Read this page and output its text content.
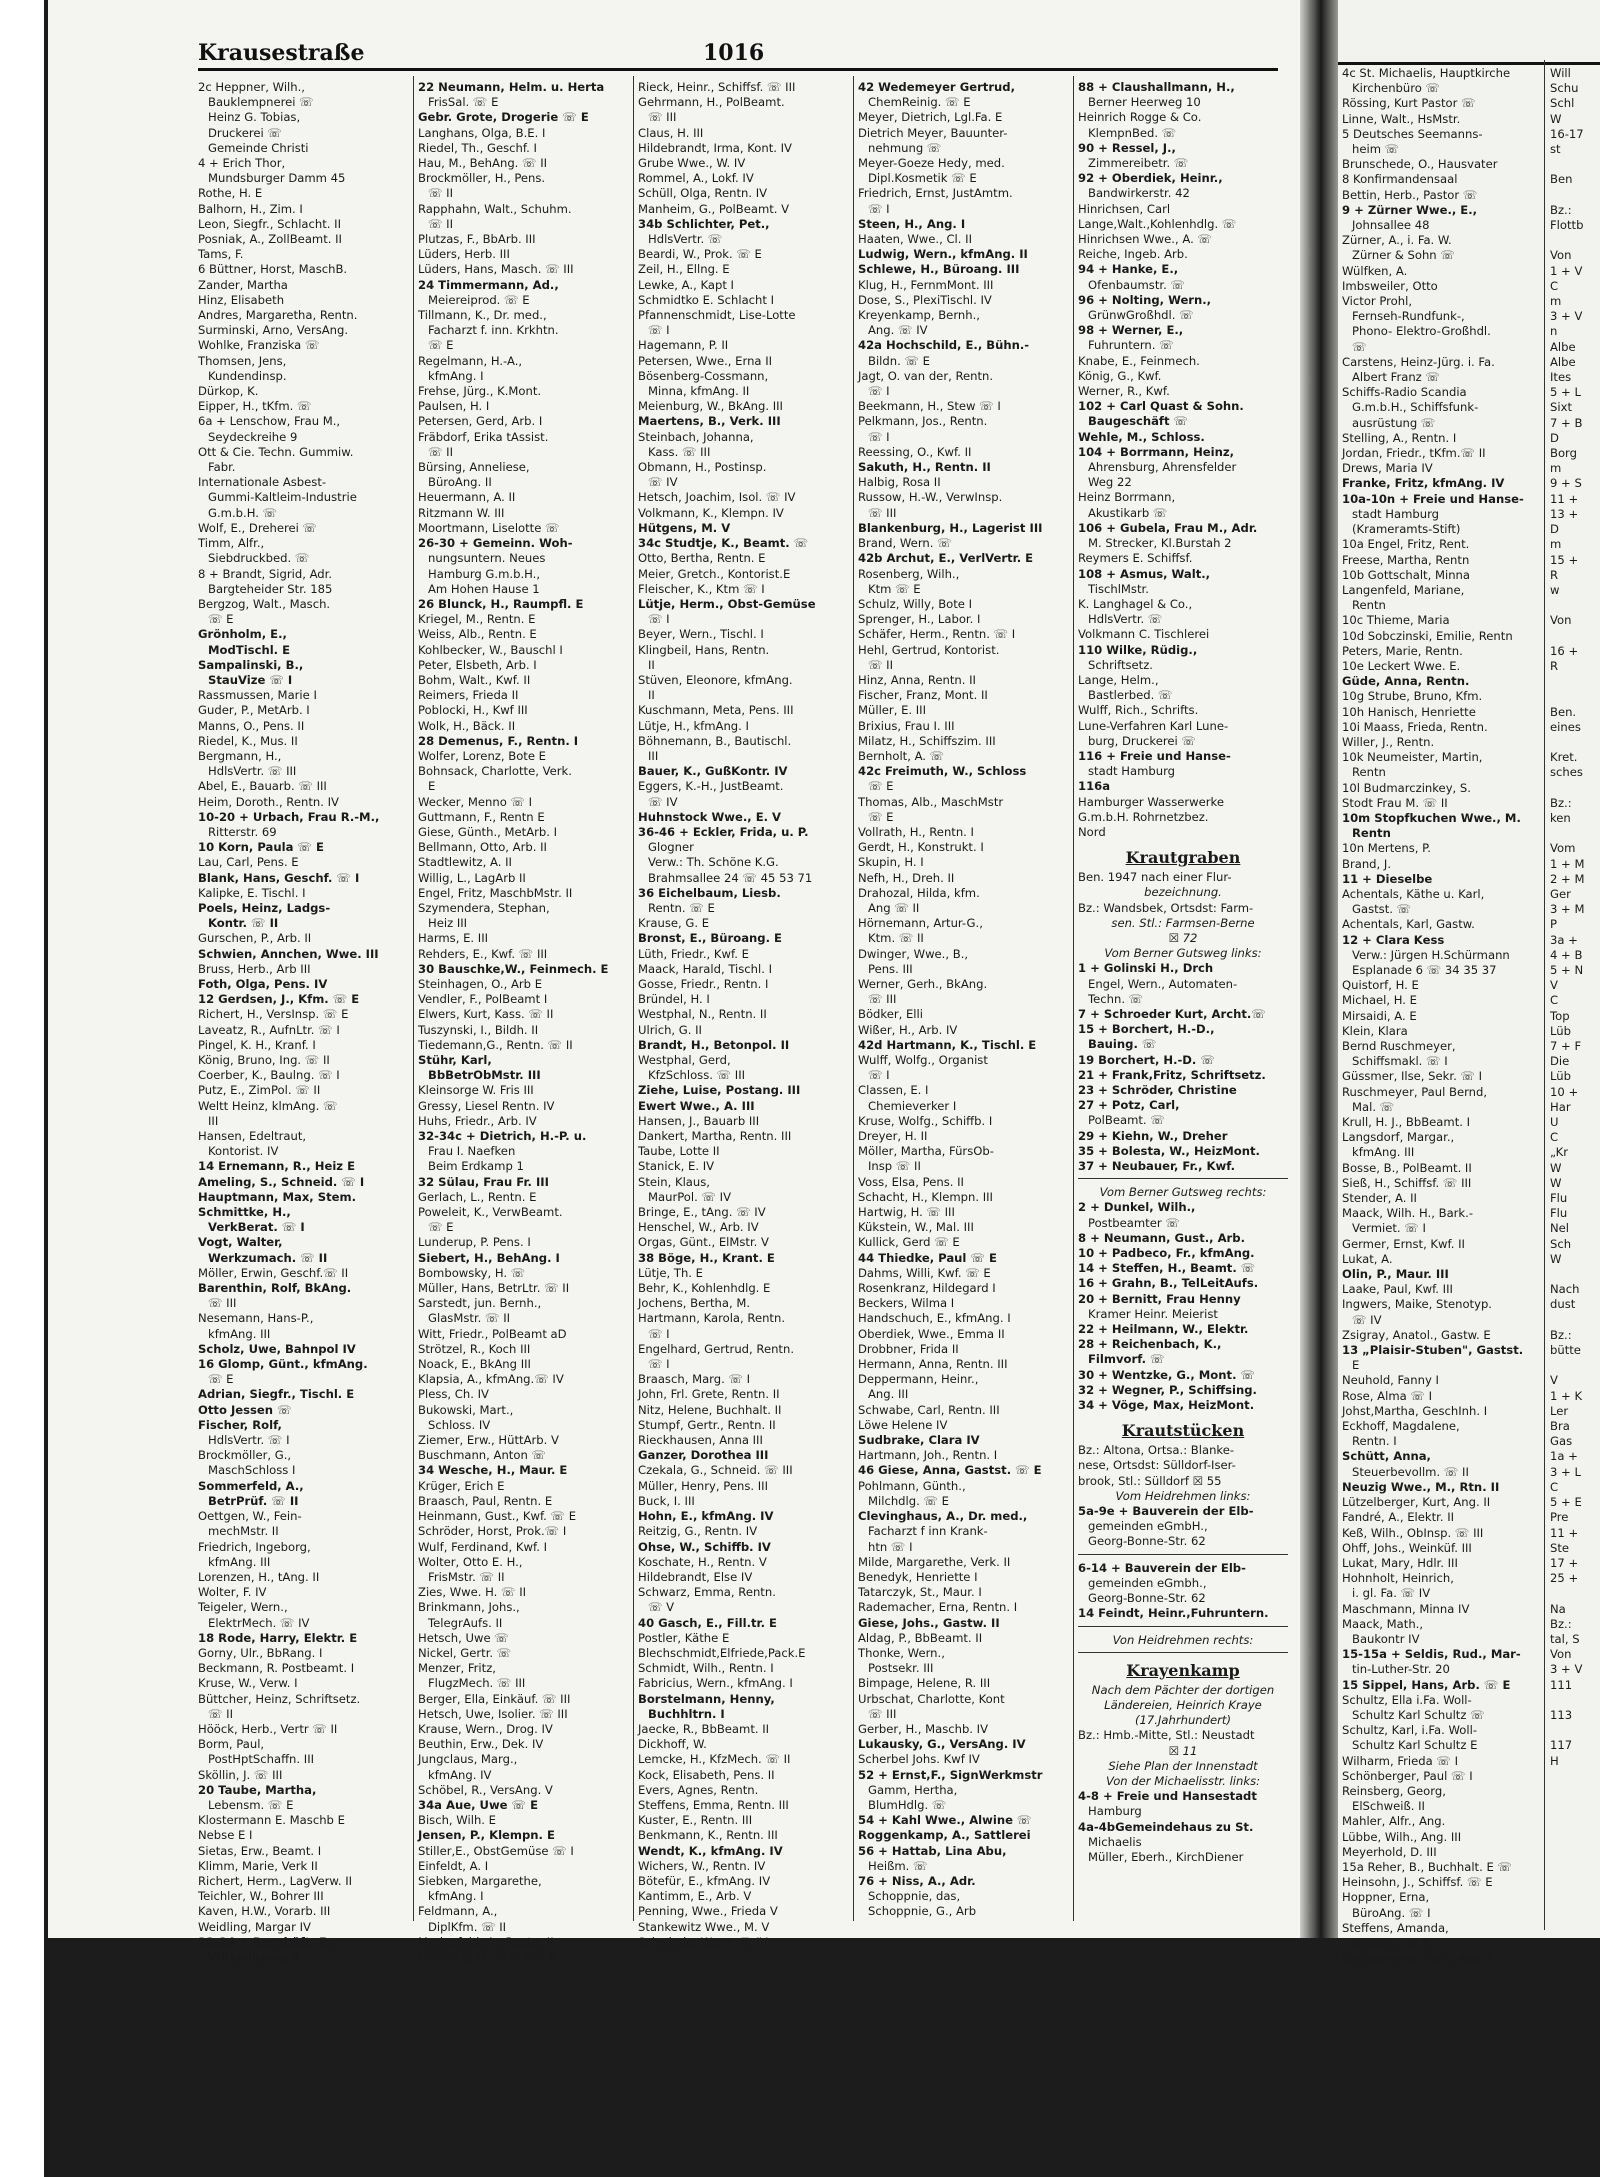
Krausestraße	1016
2c Heppner, Wilh.,
Bauklempnerei ☏
Heinz G. Tobias,
Druckerei ☏
Gemeinde Christi
4 + Erich Thor,
Mundsburger Damm 45
Rothe, H. E
Balhorn, H., Zim. I
Leon, Siegfr., Schlacht. II
Posniak, A., ZollBeamt. II
Tams, F.
6 Büttner, Horst, MaschB.
Zander, Martha
Hinz, Elisabeth
Andres, Margaretha, Rentn.
Surminski, Arno, VersAng.
Wohlke, Franziska ☏
Thomsen, Jens,
Kundendinsp.
Dürkop, K.
Eipper, H., tKfm. ☏
6a + Lenschow, Frau M.,
Seydeckreihe 9
Ott & Cie. Techn. Gummiw.
Fabr.
Internationale Asbest-
Gummi-Kaltleim-Industrie
G.m.b.H. ☏
Wolf, E., Dreherei ☏
Timm, Alfr.,
Siebdruckbed. ☏
8 + Brandt, Sigrid, Adr.
Bargteheider Str. 185
Bergzog, Walt., Masch.
☏ E
Grönholm, E.,
ModTischl. E
Sampalinski, B.,
StauVize ☏ I
Rassmussen, Marie I
Guder, P., MetArb. I
Manns, O., Pens. II
Riedel, K., Mus. II
Bergmann, H.,
HdlsVertr. ☏ III
Abel, E., Bauarb. ☏ III
Heim, Doroth., Rentn. IV
10-20 + Urbach, Frau R.-M.,
Ritterstr. 69
10 Korn, Paula ☏ E
Lau, Carl, Pens. E
Blank, Hans, Geschf. ☏ I
Kalipke, E. Tischl. I
Poels, Heinz, Ladgs-
Kontr. ☏ II
Gurschen, P., Arb. II
Schwien, Annchen, Wwe. III
Bruss, Herb., Arb III
Foth, Olga, Pens. IV
12 Gerdsen, J., Kfm. ☏ E
Richert, H., VersInsp. ☏ E
Laveatz, R., AufnLtr. ☏ I
Pingel, K. H., Kranf. I
König, Bruno, Ing. ☏ II
Coerber, K., Baulng. ☏ I
Putz, E., ZimPol. ☏ II
Weltt Heinz, klmAng. ☏
III
Hansen, Edeltraut,
Kontorist. IV
14 Ernemann, R., Heiz E
Ameling, S., Schneid. ☏ I
Hauptmann, Max, Stem.
Schmittke, H.,
VerkBerat. ☏ I
Vogt, Walter,
Werkzumach. ☏ II
Möller, Erwin, Geschf.☏ II
Barenthin, Rolf, BkAng.
☏ III
Nesemann, Hans-P.,
kfmAng. III
Scholz, Uwe, Bahnpol IV
16 Glomp, Günt., kfmAng.
☏ E
Adrian, Siegfr., Tischl. E
Otto Jessen ☏
Fischer, Rolf,
HdlsVertr. ☏ I
Brockmöller, G.,
MaschSchloss I
Sommerfeld, A.,
BetrPrüf. ☏ II
Oettgen, W., Fein-
mechMstr. II
Friedrich, Ingeborg,
kfmAng. III
Lorenzen, H., tAng. II
Wolter, F. IV
Teigeler, Wern.,
ElektrMech. ☏ IV
18 Rode, Harry, Elektr. E
Gorny, Ulr., BbRang. I
Beckmann, R. Postbeamt. I
Kruse, W., Verw. I
Büttcher, Heinz, Schriftsetz.
☏ II
Hööck, Herb., Vertr ☏ II
Borm, Paul,
PostHptSchaffn. III
Sköllin, J. ☏ III
20 Taube, Martha,
Lebensm. ☏ E
Klostermann E. Maschb E
Nebse E I
Sietas, Erw., Beamt. I
Klimm, Marie, Verk II
Richert, Herm., LagVerw. II
Teichler, W., Bohrer III
Kaven, H.W., Vorarb. III
Weidling, Margar IV
22-24 + Bornhöft, F.,
Wittenkamp 7
22 Neumann, Helm. u. Herta
FrisSal. ☏ E
Gebr. Grote, Drogerie ☏ E
Langhans, Olga, B.E. I
Riedel, Th., Geschf. I
Hau, M., BehAng. ☏ II
Brockmöller, H., Pens.
☏ II
Rapphahn, Walt., Schuhm.
☏ II
Plutzas, F., BbArb. III
Lüders, Herb. III
Lüders, Hans, Masch. ☏ III
24 Timmermann, Ad.,
Meiereiprod. ☏ E
Tillmann, K., Dr. med.,
Facharzt f. inn. Krkhtn.
☏ E
Regelmann, H.-A.,
kfmAng. I
Frehse, Jürg., K.Mont.
Paulsen, H. I
Petersen, Gerd, Arb. I
Fräbdorf, Erika tAssist.
☏ II
Bürsing, Anneliese,
BüroAng. II
Heuermann, A. II
Ritzmann W. III
Moortmann, Liselotte ☏
26-30 + Gemeinn. Woh-
nungsuntern. Neues
Hamburg G.m.b.H.,
Am Hohen Hause 1
26 Blunck, H., Raumpfl. E
Kriegel, M., Rentn. E
Weiss, Alb., Rentn. E
Kohlbecker, W., Bauschl I
Peter, Elsbeth, Arb. I
Bohm, Walt., Kwf. II
Reimers, Frieda II
Poblocki, H., Kwf III
Wolk, H., Bäck. II
28 Demenus, F., Rentn. I
Wolfer, Lorenz, Bote E
Bohnsack, Charlotte, Verk.
E
Wecker, Menno ☏ I
Guttmann, F., Rentn E
Giese, Günth., MetArb. I
Bellmann, Otto, Arb. II
Stadtlewitz, A. II
Willig, L., LagArb II
Engel, Fritz, MaschbMstr. II
Szymendera, Stephan,
Heiz III
Harms, E. III
Rehders, E., Kwf. ☏ III
30 Bauschke,W., Feinmech. E
Steinhagen, O., Arb E
Vendler, F., PolBeamt I
Elwers, Kurt, Kass. ☏ II
Tuszynski, I., Bildh. II
Tiedemann,G., Rentn. ☏ II
Stühr, Karl,
BbBetrObMstr. III
Kleinsorge W. Fris III
Gressy, Liesel Rentn. IV
Huhs, Friedr., Arb. IV
32-34c + Dietrich, H.-P. u.
Frau I. Naefken
Beim Erdkamp 1
32 Sülau, Frau Fr. III
Gerlach, L., Rentn. E
Poweleit, K., VerwBeamt.
☏ E
Lunderup, P. Pens. I
Siebert, H., BehAng. I
Bombowsky, H. ☏
Müller, Hans, BetrLtr. ☏ II
Sarstedt, jun. Bernh.,
GlasMstr. ☏ II
Witt, Friedr., PolBeamt aD
Strötzel, R., Koch III
Noack, E., BkAng III
Klapsia, A., kfmAng.☏ IV
Pless, Ch. IV
Bukowski, Mart.,
Schloss. IV
Ziemer, Erw., HüttArb. V
Buschmann, Anton ☏
34 Wesche, H., Maur. E
Krüger, Erich E
Braasch, Paul, Rentn. E
Heinmann, Gust., Kwf. ☏ E
Schröder, Horst, Prok.☏ I
Wulf, Ferdinand, Kwf. I
Wolter, Otto E. H.,
FrisMstr. ☏ II
Zies, Wwe. H. ☏ II
Brinkmann, Johs.,
TelegrAufs. II
Hetsch, Uwe ☏
Nickel, Gertr. ☏
Menzer, Fritz,
FlugzMech. ☏ III
Berger, Ella, Einkäuf. ☏ III
Hetsch, Uwe, Isolier. ☏ III
Krause, Wern., Drog. IV
Beuthin, Erw., Dek. IV
Jungclaus, Marg.,
kfmAng. IV
Schöbel, R., VersAng. V
34a Aue, Uwe ☏ E
Bisch, Wilh. E
Jensen, P., Klempn. E
Stiller,E., ObstGemüse ☏ I
Einfeldt, A. I
Siebken, Margarethe,
kfmAng. I
Feldmann, A.,
DiplKfm. ☏ II
Marienfeld, A., Rentn. II
Griesche, H., Schuhm. II
Rieck, Heinr., Schiffsf. ☏ III
Gehrmann, H., PolBeamt.
☏ III
Claus, H. III
Hildebrandt, Irma, Kont. IV
Grube Wwe., W. IV
Rommel, A., Lokf. IV
Schüll, Olga, Rentn. IV
Manheim, G., PolBeamt. V
34b Schlichter, Pet.,
HdlsVertr. ☏
Beardi, W., Prok. ☏ E
Zeil, H., Ellng. E
Lewke, A., Kapt I
Schmidtko E. Schlacht I
Pfannenschmidt, Lise-Lotte
☏ I
Hagemann, P. II
Petersen, Wwe., Erna II
Bösenberg-Cossmann,
Minna, kfmAng. II
Meienburg, W., BkAng. III
Maertens, B., Verk. III
Steinbach, Johanna,
Kass. ☏ III
Obmann, H., Postinsp.
☏ IV
Hetsch, Joachim, Isol. ☏ IV
Volkmann, K., Klempn. IV
Hütgens, M. V
34c Studtje, K., Beamt. ☏
Otto, Bertha, Rentn. E
Meier, Gretch., Kontorist.E
Fleischer, K., Ktm ☏ I
Lütje, Herm., Obst-Gemüse
☏ I
Beyer, Wern., Tischl. I
Klingbeil, Hans, Rentn.
II
Stüven, Eleonore, kfmAng.
II
Kuschmann, Meta, Pens. III
Lütje, H., kfmAng. I
Böhnemann, B., Bautischl.
III
Bauer, K., GußKontr. IV
Eggers, K.-H., JustBeamt.
☏ IV
Huhnstock Wwe., E. V
36-46 + Eckler, Frida, u. P.
Glogner
Verw.: Th. Schöne K.G.
Brahmsallee 24 ☏ 45 53 71
36 Eichelbaum, Liesb.
Rentn. ☏ E
Krause, G. E
Bronst, E., Büroang. E
Lüth, Friedr., Kwf. E
Maack, Harald, Tischl. I
Gosse, Friedr., Rentn. I
Bründel, H. I
Westphal, N., Rentn. II
Ulrich, G. II
Brandt, H., Betonpol. II
Westphal, Gerd,
KfzSchloss. ☏ III
Ziehe, Luise, Postang. III
Ewert Wwe., A. III
Hansen, J., Bauarb III
Dankert, Martha, Rentn. III
Taube, Lotte II
Stanick, E. IV
Stein, Klaus,
MaurPol. ☏ IV
Bringe, E., tAng. ☏ IV
Henschel, W., Arb. IV
Orgas, Günt., ElMstr. V
38 Böge, H., Krant. E
Lütje, Th. E
Behr, K., Kohlenhdlg. E
Jochens, Bertha, M.
Hartmann, Karola, Rentn.
☏ I
Engelhard, Gertrud, Rentn.
☏ I
Braasch, Marg. ☏ I
John, Frl. Grete, Rentn. II
Nitz, Helene, Buchhalt. II
Stumpf, Gertr., Rentn. II
Rieckhausen, Anna III
Ganzer, Dorothea III
Czekala, G., Schneid. ☏ III
Müller, Henry, Pens. III
Buck, I. III
Hohn, E., kfmAng. IV
Reitzig, G., Rentn. IV
Ohse, W., Schiffb. IV
Koschate, H., Rentn. V
Hildebrandt, Else IV
Schwarz, Emma, Rentn.
☏ V
40 Gasch, E., Fill.tr. E
Postler, Käthe E
Blechschmidt,Elfriede,Pack.E
Schmidt, Wilh., Rentn. I
Fabricius, Wern., kfmAng. I
Borstelmann, Henny,
Buchhltrn. I
Jaecke, R., BbBeamt. II
Dickhoff, W.
Lemcke, H., KfzMech. ☏ II
Kock, Elisabeth, Pens. II
Evers, Agnes, Rentn.
Steffens, Emma, Rentn. III
Kuster, E., Rentn. III
Benkmann, K., Rentn. III
Wendt, K., kfmAng. IV
Wichers, W., Rentn. IV
Bötefür, E., kfmAng. IV
Kantimm, E., Arb. V
Penning, Wwe., Frieda V
Stankewitz Wwe., M. V
Schwiede, Wern. ☏ IV
42 Wedemeyer Gertrud,
ChemReinig. ☏ E
Meyer, Dietrich, Lgl.Fa. E
Dietrich Meyer, Bauunter-
nehmung ☏
Meyer-Goeze Hedy, med.
Dipl.Kosmetik ☏ E
Friedrich, Ernst, JustAmtm.
☏ I
Steen, H., Ang. I
Haaten, Wwe., Cl. II
Ludwig, Wern., kfmAng. II
Schlewe, H., Büroang. III
Klug, H., FernmMont. III
Dose, S., PlexiTischl. IV
Kreyenkamp, Bernh.,
Ang. ☏ IV
42a Hochschild, E., Bühn.-
Bildn. ☏ E
Jagt, O. van der, Rentn.
☏ I
Beekmann, H., Stew ☏ I
Pelkmann, Jos., Rentn.
☏ I
Reessing, O., Kwf. II
Sakuth, H., Rentn. II
Halbig, Rosa II
Russow, H.-W., VerwInsp.
☏ III
Blankenburg, H., Lagerist III
Brand, Wern. ☏
42b Archut, E., VerlVertr. E
Rosenberg, Wilh.,
Ktm ☏ E
Schulz, Willy, Bote I
Sprenger, H., Labor. I
Schäfer, Herm., Rentn. ☏ I
Hehl, Gertrud, Kontorist.
☏ II
Hinz, Anna, Rentn. II
Fischer, Franz, Mont. II
Müller, E. III
Brixius, Frau I. III
Milatz, H., Schiffszim. III
Bernholt, A. ☏
42c Freimuth, W., Schloss
☏ E
Thomas, Alb., MaschMstr
☏ E
Vollrath, H., Rentn. I
Gerdt, H., Konstrukt. I
Skupin, H. I
Nefh, H., Dreh. II
Drahozal, Hilda, kfm.
Ang ☏ II
Hörnemann, Artur-G.,
Ktm. ☏ II
Dwinger, Wwe., B.,
Pens. III
Werner, Gerh., BkAng.
☏ III
Bödker, Elli
Wißer, H., Arb. IV
42d Hartmann, K., Tischl. E
Wulff, Wolfg., Organist
☏ I
Classen, E. I
Chemieverker I
Kruse, Wolfg., Schiffb. I
Dreyer, H. II
Möller, Martha, FürsOb-
Insp ☏ II
Voss, Elsa, Pens. II
Schacht, H., Klempn. III
Hartwig, H. ☏ III
Kükstein, W., Mal. III
Kullick, Gerd ☏ E
44 Thiedke, Paul ☏ E
Dahms, Willi, Kwf. ☏ E
Rosenkranz, Hildegard I
Beckers, Wilma I
Handschuch, E., kfmAng. I
Oberdiek, Wwe., Emma II
Drobbner, Frida II
Hermann, Anna, Rentn. III
Deppermann, Heinr.,
Ang. III
Schwabe, Carl, Rentn. III
Löwe Helene IV
Sudbrake, Clara IV
Hartmann, Joh., Rentn. I
46 Giese, Anna, Gastst. ☏ E
Pohlmann, Günth.,
Milchdlg. ☏ E
Clevinghaus, A., Dr. med.,
Facharzt f inn Krank-
htn ☏ I
Milde, Margarethe, Verk. II
Benedyk, Henriette I
Tatarczyk, St., Maur. I
Rademacher, Erna, Rentn. I
Giese, Johs., Gastw. II
Aldag, P., BbBeamt. II
Thonke, Wern.,
Postsekr. III
Bimpage, Helene, R. III
Urbschat, Charlotte, Kont
☏ III
Gerber, H., Maschb. IV
Lukausky, G., VersAng. IV
Scherbel Johs. Kwf IV
52 + Ernst,F., SignWerkmstr
Gamm, Hertha,
BlumHdlg. ☏
54 + Kahl Wwe., Alwine ☏
Roggenkamp, A., Sattlerei
56 + Hattab, Lina Abu,
Heißm. ☏
76 + Niss, A., Adr.
Schoppnie, das,
Schoppnie, G., Arb
88 + Claushallmann, H.,
Berner Heerweg 10
Heinrich Rogge & Co.
KlempnBed. ☏
90 + Ressel, J.,
Zimmereibetr. ☏
92 + Oberdiek, Heinr.,
Bandwirkerstr. 42
Hinrichsen, Carl
Lange,Walt.,Kohlenhdlg. ☏
Hinrichsen Wwe., A. ☏
Reiche, Ingeb. Arb.
94 + Hanke, E.,
Ofenbaumstr. ☏
96 + Nolting, Wern.,
GrünwGroßhdl. ☏
98 + Werner, E.,
Fuhruntern. ☏
Knabe, E., Feinmech.
König, G., Kwf.
Werner, R., Kwf.
102 + Carl Quast & Sohn.
Baugeschäft ☏
Wehle, M., Schloss.
104 + Borrmann, Heinz,
Ahrensburg, Ahrensfelder
Weg 22
Heinz Borrmann,
Akustikarb ☏
106 + Gubela, Frau M., Adr.
M. Strecker, Kl.Burstah 2
Reymers E. Schiffsf.
108 + Asmus, Walt.,
TischlMstr.
K. Langhagel & Co.,
HdlsVertr. ☏
Volkmann C. Tischlerei
110 Wilke, Rüdig.,
Schriftsetz.
Lange, Helm.,
Bastlerbed. ☏
Wulff, Rich., Schrifts.
Lune-Verfahren Karl Lune-
burg, Druckerei ☏
116 + Freie und Hanse-
stadt Hamburg
116a
Hamburger Wasserwerke
G.m.b.H. Rohrnetzbez.
Nord
Krautgraben
Ben. 1947 nach einer Flur-
bezeichnung.
Bz.: Wandsbek, Ortsdst: Farm-
sen. Stl.: Farmsen-Berne
☒ 72
Vom Berner Gutsweg links:
1 + Golinski H., Drch
Engel, Wern., Automaten-
Techn. ☏
7 + Schroeder Kurt, Archt.☏
15 + Borchert, H.-D.,
Bauing. ☏
19 Borchert, H.-D. ☏
21 + Frank,Fritz, Schriftsetz.
23 + Schröder, Christine
27 + Potz, Carl,
PolBeamt. ☏
29 + Kiehn, W., Dreher
35 + Bolesta, W., HeizMont.
37 + Neubauer, Fr., Kwf.
Vom Berner Gutsweg rechts:
2 + Dunkel, Wilh.,
Postbeamter ☏
8 + Neumann, Gust., Arb.
10 + Padbeco, Fr., kfmAng.
14 + Steffen, H., Beamt. ☏
16 + Grahn, B., TelLeitAufs.
20 + Bernitt, Frau Henny
Kramer Heinr. Meierist
22 + Heilmann, W., Elektr.
28 + Reichenbach, K.,
Filmvorf. ☏
30 + Wentzke, G., Mont. ☏
32 + Wegner, P., Schiffsing.
34 + Vöge, Max, HeizMont.
Krautstücken
Bz.: Altona, Ortsa.: Blanke-
nese, Ortsdst: Sülldorf-Iser-
brook, Stl.: Sülldorf ☒ 55
Vom Heidrehmen links:
5a-9e + Bauverein der Elb-
gemeinden eGmbH.,
Georg-Bonne-Str. 62
6-14 + Bauverein der Elb-
gemeinden eGmbh.,
Georg-Bonne-Str. 62
14 Feindt, Heinr.,Fuhruntern.
Von Heidrehmen rechts:
Krayenkamp
Nach dem Pächter der dortigen
Ländereien, Heinrich Kraye
(17.Jahrhundert)
Bz.: Hmb.-Mitte, Stl.: Neustadt
☒ 11
Siehe Plan der Innenstadt
Von der Michaelisstr. links:
4-8 + Freie und Hansestadt
Hamburg
4a-4bGemeindehaus zu St.
Michaelis
Müller, Eberh., KirchDiener
4c St. Michaelis, Hauptkirche
Kirchenbüro ☏
Rössing, Kurt Pastor ☏
Linne, Walt., HsMstr.
5 Deutsches Seemanns-
heim ☏
Brunschede, O., Hausvater
8 Konfirmandensaal
Bettin, Herb., Pastor ☏
9 + Zürner Wwe., E.,
Johnsallee 48
Zürner, A., i. Fa. W.
Zürner & Sohn ☏
Wülfken, A.
Imbsweiler, Otto
Victor Prohl,
Fernseh-Rundfunk-,
Phono- Elektro-Großhdl.
☏
Carstens, Heinz-Jürg. i. Fa.
Albert Franz ☏
Schiffs-Radio Scandia
G.m.b.H., Schiffsfunk-
ausrüstung ☏
Stelling, A., Rentn. I
Jordan, Friedr., tKfm.☏ II
Drews, Maria IV
Franke, Fritz, kfmAng. IV
10a-10n + Freie und Hanse-
stadt Hamburg
(Krameramts-Stift)
10a Engel, Fritz, Rent.
Freese, Martha, Rentn
10b Gottschalt, Minna
Langenfeld, Mariane,
Rentn
10c Thieme, Maria
10d Sobczinski, Emilie, Rentn
Peters, Marie, Rentn.
10e Leckert Wwe. E.
Güde, Anna, Rentn.
10g Strube, Bruno, Kfm.
10h Hanisch, Henriette
10i Maass, Frieda, Rentn.
Willer, J., Rentn.
10k Neumeister, Martin,
Rentn
10l Budmarczinkey, S.
Stodt Frau M. ☏ II
10m Stopfkuchen Wwe., M.
Rentn
10n Mertens, P.
Brand, J.
11 + Dieselbe
Achentals, Käthe u. Karl,
Gastst. ☏
Achentals, Karl, Gastw.
12 + Clara Kess
Verw.: Jürgen H.Schürmann
Esplanade 6 ☏ 34 35 37
Quistorf, H. E
Michael, H. E
Mirsaidi, A. E
Klein, Klara
Bernd Ruschmeyer,
Schiffsmakl. ☏ I
Güssmer, Ilse, Sekr. ☏ I
Ruschmeyer, Paul Bernd,
Mal. ☏
Krull, H. J., BbBeamt. I
Langsdorf, Margar.,
kfmAng. III
Bosse, B., PolBeamt. II
Sieß, H., Schiffsf. ☏ III
Stender, A. II
Maack, Wilh. H., Bark.-
Vermiet. ☏ I
Germer, Ernst, Kwf. II
Lukat, A.
Olin, P., Maur. III
Laake, Paul, Kwf. III
Ingwers, Maike, Stenotyp.
☏ IV
Zsigray, Anatol., Gastw. E
13 „Plaisir-Stuben", Gastst.
E
Neuhold, Fanny I
Rose, Alma ☏ I
Johst,Martha, GeschInh. I
Eckhoff, Magdalene,
Rentn. I
Schütt, Anna,
Steuerbevollm. ☏ II
Neuzig Wwe., M., Rtn. II
Lützelberger, Kurt, Ang. II
Fandré, A., Elektr. II
Keß, Wilh., ObInsp. ☏ III
Ohff, Johs., Weinküf. III
Lukat, Mary, Hdlr. III
Hohnholt, Heinrich,
i. gl. Fa. ☏ IV
Maschmann, Minna IV
Maack, Math.,
Baukontr IV
15-15a + Seldis, Rud., Mar-
tin-Luther-Str. 20
15 Sippel, Hans, Arb. ☏ E
Schultz, Ella i.Fa. Woll-
Schultz Karl Schultz ☏
Schultz, Karl, i.Fa. Woll-
Schultz Karl Schultz E
Wilharm, Frieda ☏ I
Schönberger, Paul ☏ I
Reinsberg, Georg,
ElSchweiß. II
Mahler, Alfr., Ang.
Lübbe, Wilh., Ang. III
Meyerhold, D. III
15a Reher, B., Buchhalt. E ☏
Heinsohn, J., Schiffsf. ☏ E
Hoppner, Erna,
BüroAng. ☏ I
Steffens, Amanda,
kfmAng. ☏ II
Brockelmann, Wilh.,Ang. II
Will
Schu
Schl
W
16-17
st

Ben

Bz.:
Flottb

Von
1 + V
C
m
3 + V
n
Albe
Albe
Ites
5 + L
Sixt
7 + B
D
Borg
m
9 + S
11 +
13 +
D
m
15 +
R
w

Von

16 +
R

Ben.
eines

Kret.
sches

Bz.:
ken

Vom
1 + M
2 + M
Ger
3 + M
P
3a +
4 + B
5 + N
V
C
Top
Lüb
7 + F
Die
Lüb
10 +
Har
U
C
„Kr
W
W
Flu
Flu
Nel
Sch
W

Nach
dust

Bz.:
bütte

V
1 + K
Ler
Bra
Gas
1a +
3 + L
C
5 + E
Pre
11 +
Ste
17 +
25 +

Na
Bz.:
tal, S
Von
3 + V
111

113

117
H
